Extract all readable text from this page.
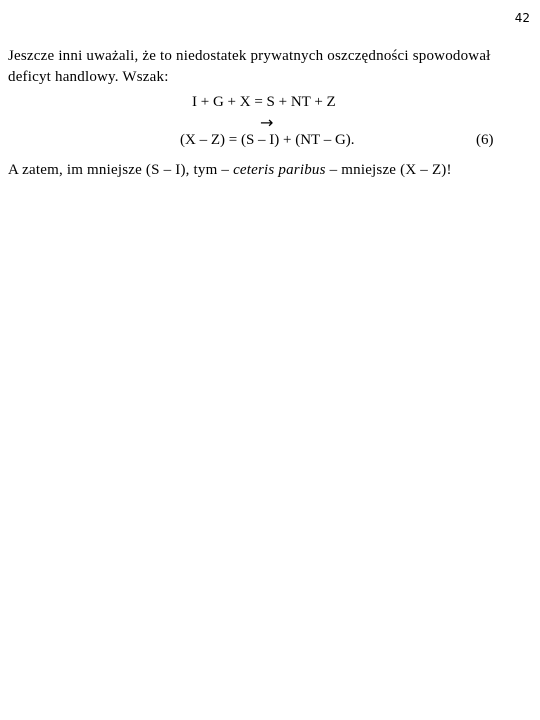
42
Jeszcze inni uważali, że to niedostatek prywatnych oszczędności spowodował deficyt handlowy. Wszak:
I + G + X = S + NT + Z
→
(X – Z) = (S – I) + (NT – G).	(6)
A zatem, im mniejsze (S – I), tym – ceteris paribus – mniejsze (X – Z)!
